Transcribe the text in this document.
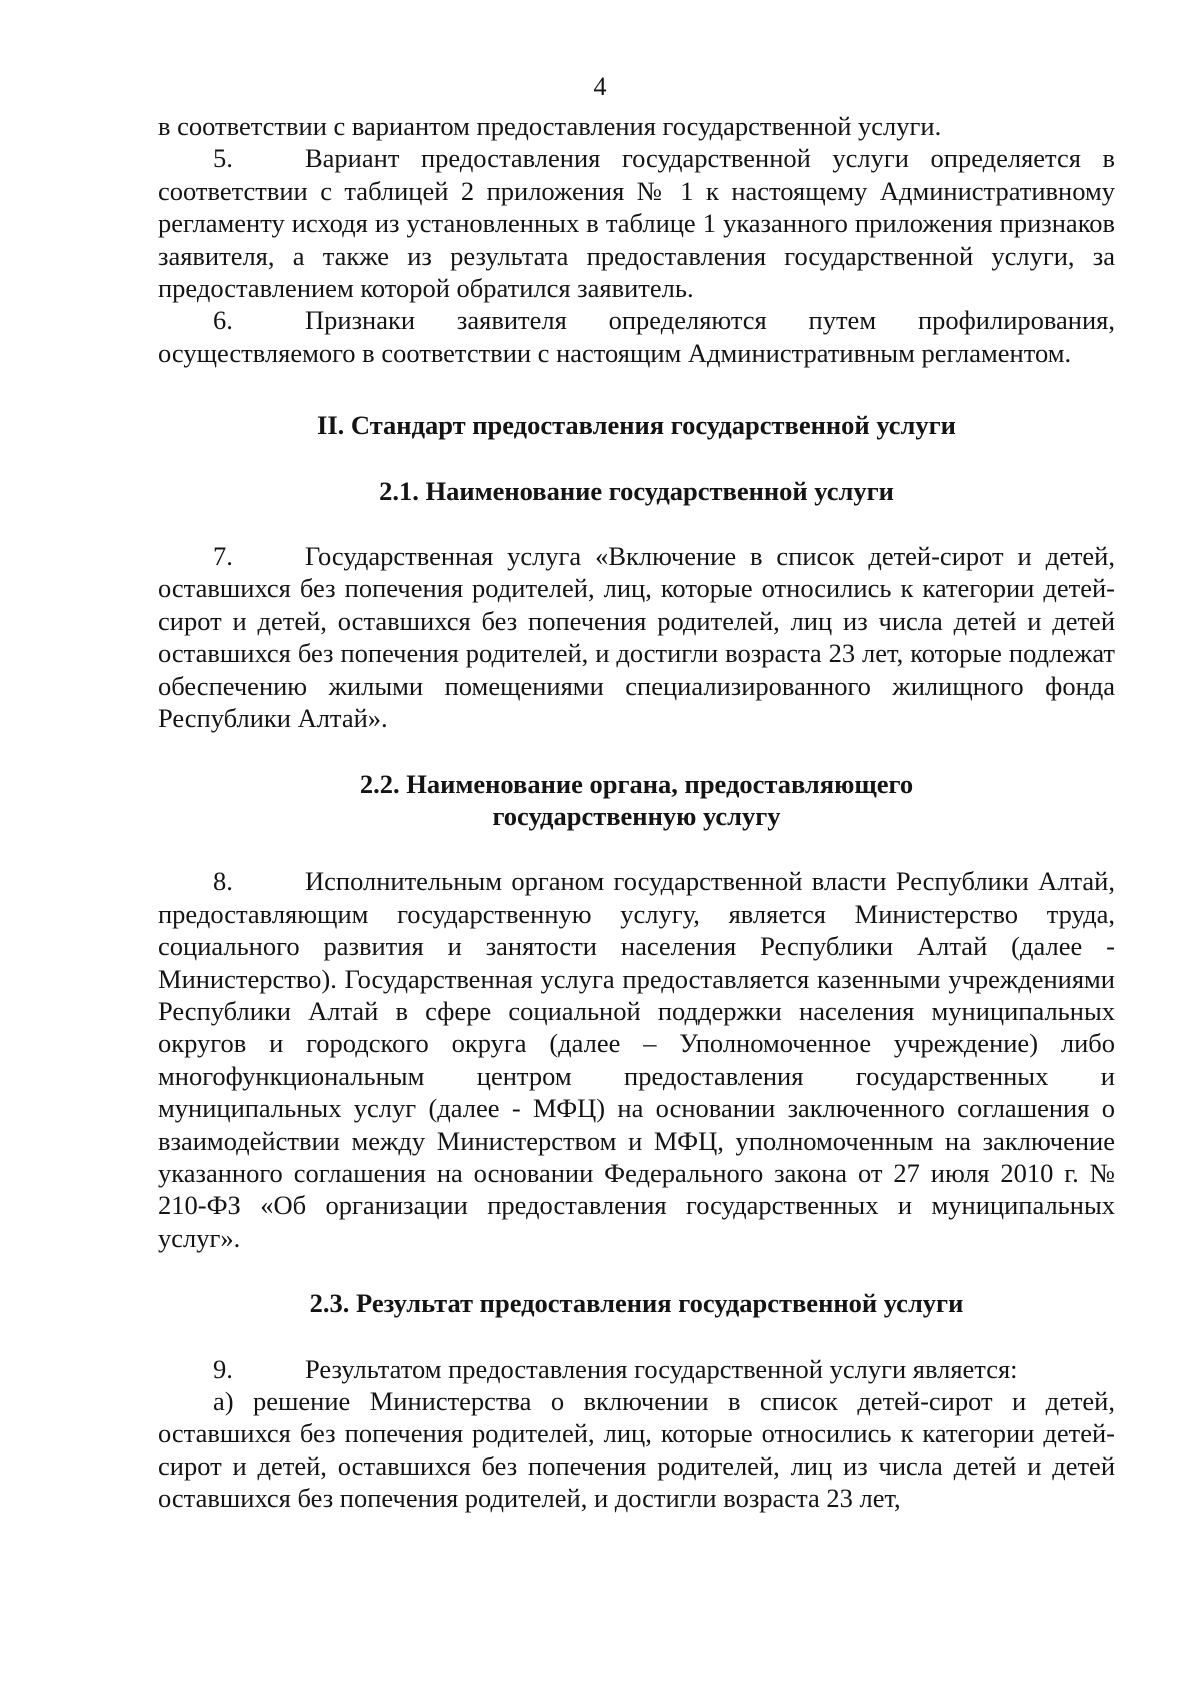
4

в соответствии с вариантом предоставления государственной услуги.

5.	Вариант предоставления государственной услуги определяется в соответствии с таблицей 2 приложения № 1 к настоящему Административному регламенту исходя из установленных в таблице 1 указанного приложения признаков заявителя, а также из результата предоставления государственной услуги, за предоставлением которой обратился заявитель.

6.	Признаки заявителя определяются путем профилирования, осуществляемого в соответствии с настоящим Административным регламентом.

II. Стандарт предоставления государственной услуги
2.1. Наименование государственной услуги

7.	Государственная услуга «Включение в список детей-сирот и детей, оставшихся без попечения родителей, лиц, которые относились к категории детей-сирот и детей, оставшихся без попечения родителей, лиц из числа детей и детей оставшихся без попечения родителей, и достигли возраста 23 лет, которые подлежат обеспечению жилыми помещениями специализированного жилищного фонда Республики Алтай».

2.2. Наименование органа, предоставляющего
государственную услугу

8.	Исполнительным органом государственной власти Республики Алтай, предоставляющим государственную услугу, является Министерство труда, социального развития и занятости населения Республики Алтай (далее - Министерство). Государственная услуга предоставляется казенными учреждениями Республики Алтай в сфере социальной поддержки населения муниципальных округов и городского округа (далее – Уполномоченное учреждение) либо многофункциональным центром предоставления государственных и муниципальных услуг (далее - МФЦ) на основании заключенного соглашения о взаимодействии между Министерством и МФЦ, уполномоченным на заключение указанного соглашения на основании Федерального закона от 27 июля 2010 г. № 210-ФЗ «Об организации предоставления государственных и муниципальных услуг».

2.3. Результат предоставления государственной услуги

9.	Результатом предоставления государственной услуги является:

а) решение Министерства о включении в список детей-сирот и детей, оставшихся без попечения родителей, лиц, которые относились к категории детей-сирот и детей, оставшихся без попечения родителей, лиц из числа детей и детей оставшихся без попечения родителей, и достигли возраста 23 лет,
